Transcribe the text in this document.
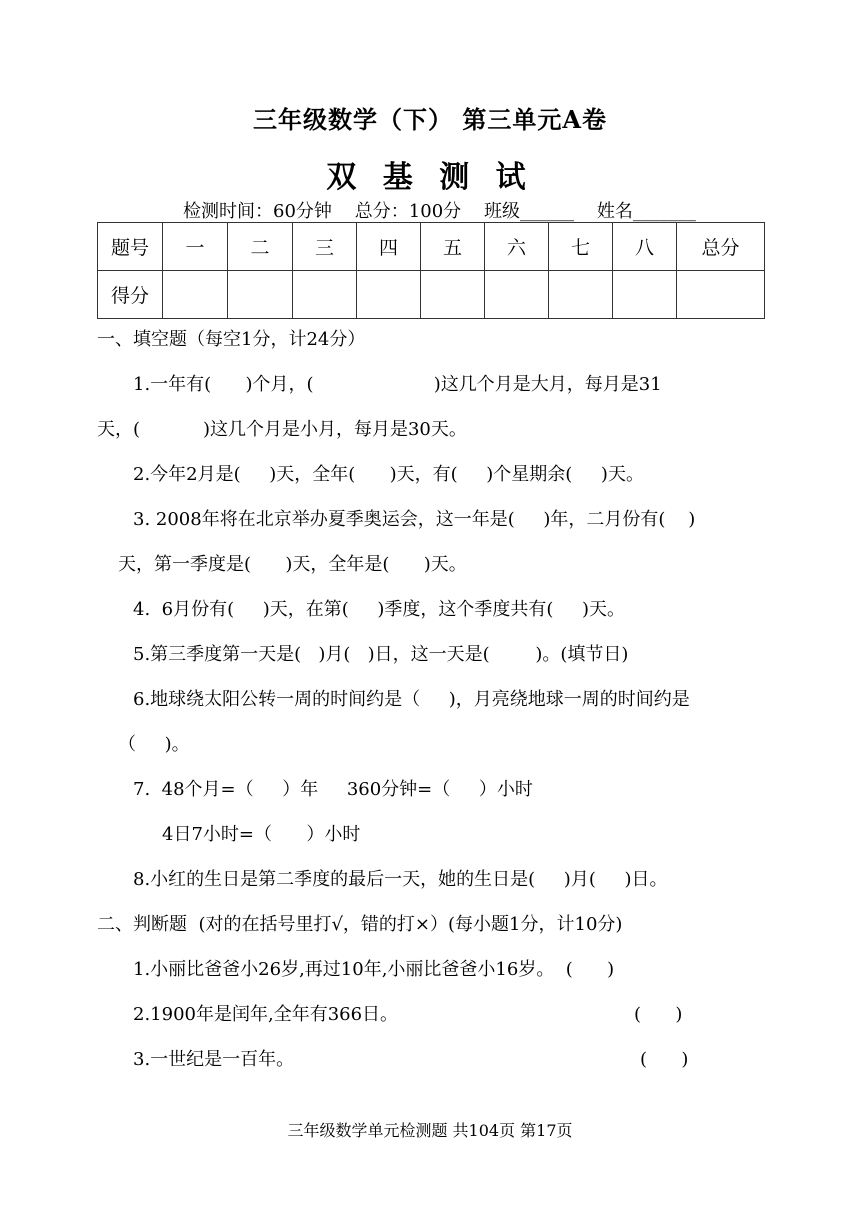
三年级数学（下） 第三单元A卷
双 基 测 试
检测时间：60分钟    总分：100分    班级______    姓名_______
题号	一	二	三	四	五	六	七	八	总分
得分									
一、填空题（每空1分，计24分）
1.一年有(      )个月，(                     )这几个月是大月，每月是31
天，(           )这几个月是小月，每月是30天。
2.今年2月是(     )天，全年(      )天，有(     )个星期余(     )天。
3. 2008年将在北京举办夏季奥运会，这一年是(     )年，二月份有(    )
天，第一季度是(      )天，全年是(      )天。
4.  6月份有(     )天，在第(     )季度，这个季度共有(     )天。
5.第三季度第一天是(   )月(   )日，这一天是(        )。(填节日)
6.地球绕太阳公转一周的时间约是（     )，月亮绕地球一周的时间约是
（     )。
7.  48个月=（     ）年     360分钟=（     ）小时
4日7小时=（      ）小时
8.小红的生日是第二季度的最后一天，她的生日是(     )月(     )日。
二、判断题  (对的在括号里打√，错的打×）(每小题1分，计10分)
1.小丽比爸爸小26岁,再过10年,小丽比爸爸小16岁。  (      )
2.1900年是闰年,全年有366日。	(      )
3.一世纪是一百年。	(      )
三年级数学单元检测题 共104页 第17页
